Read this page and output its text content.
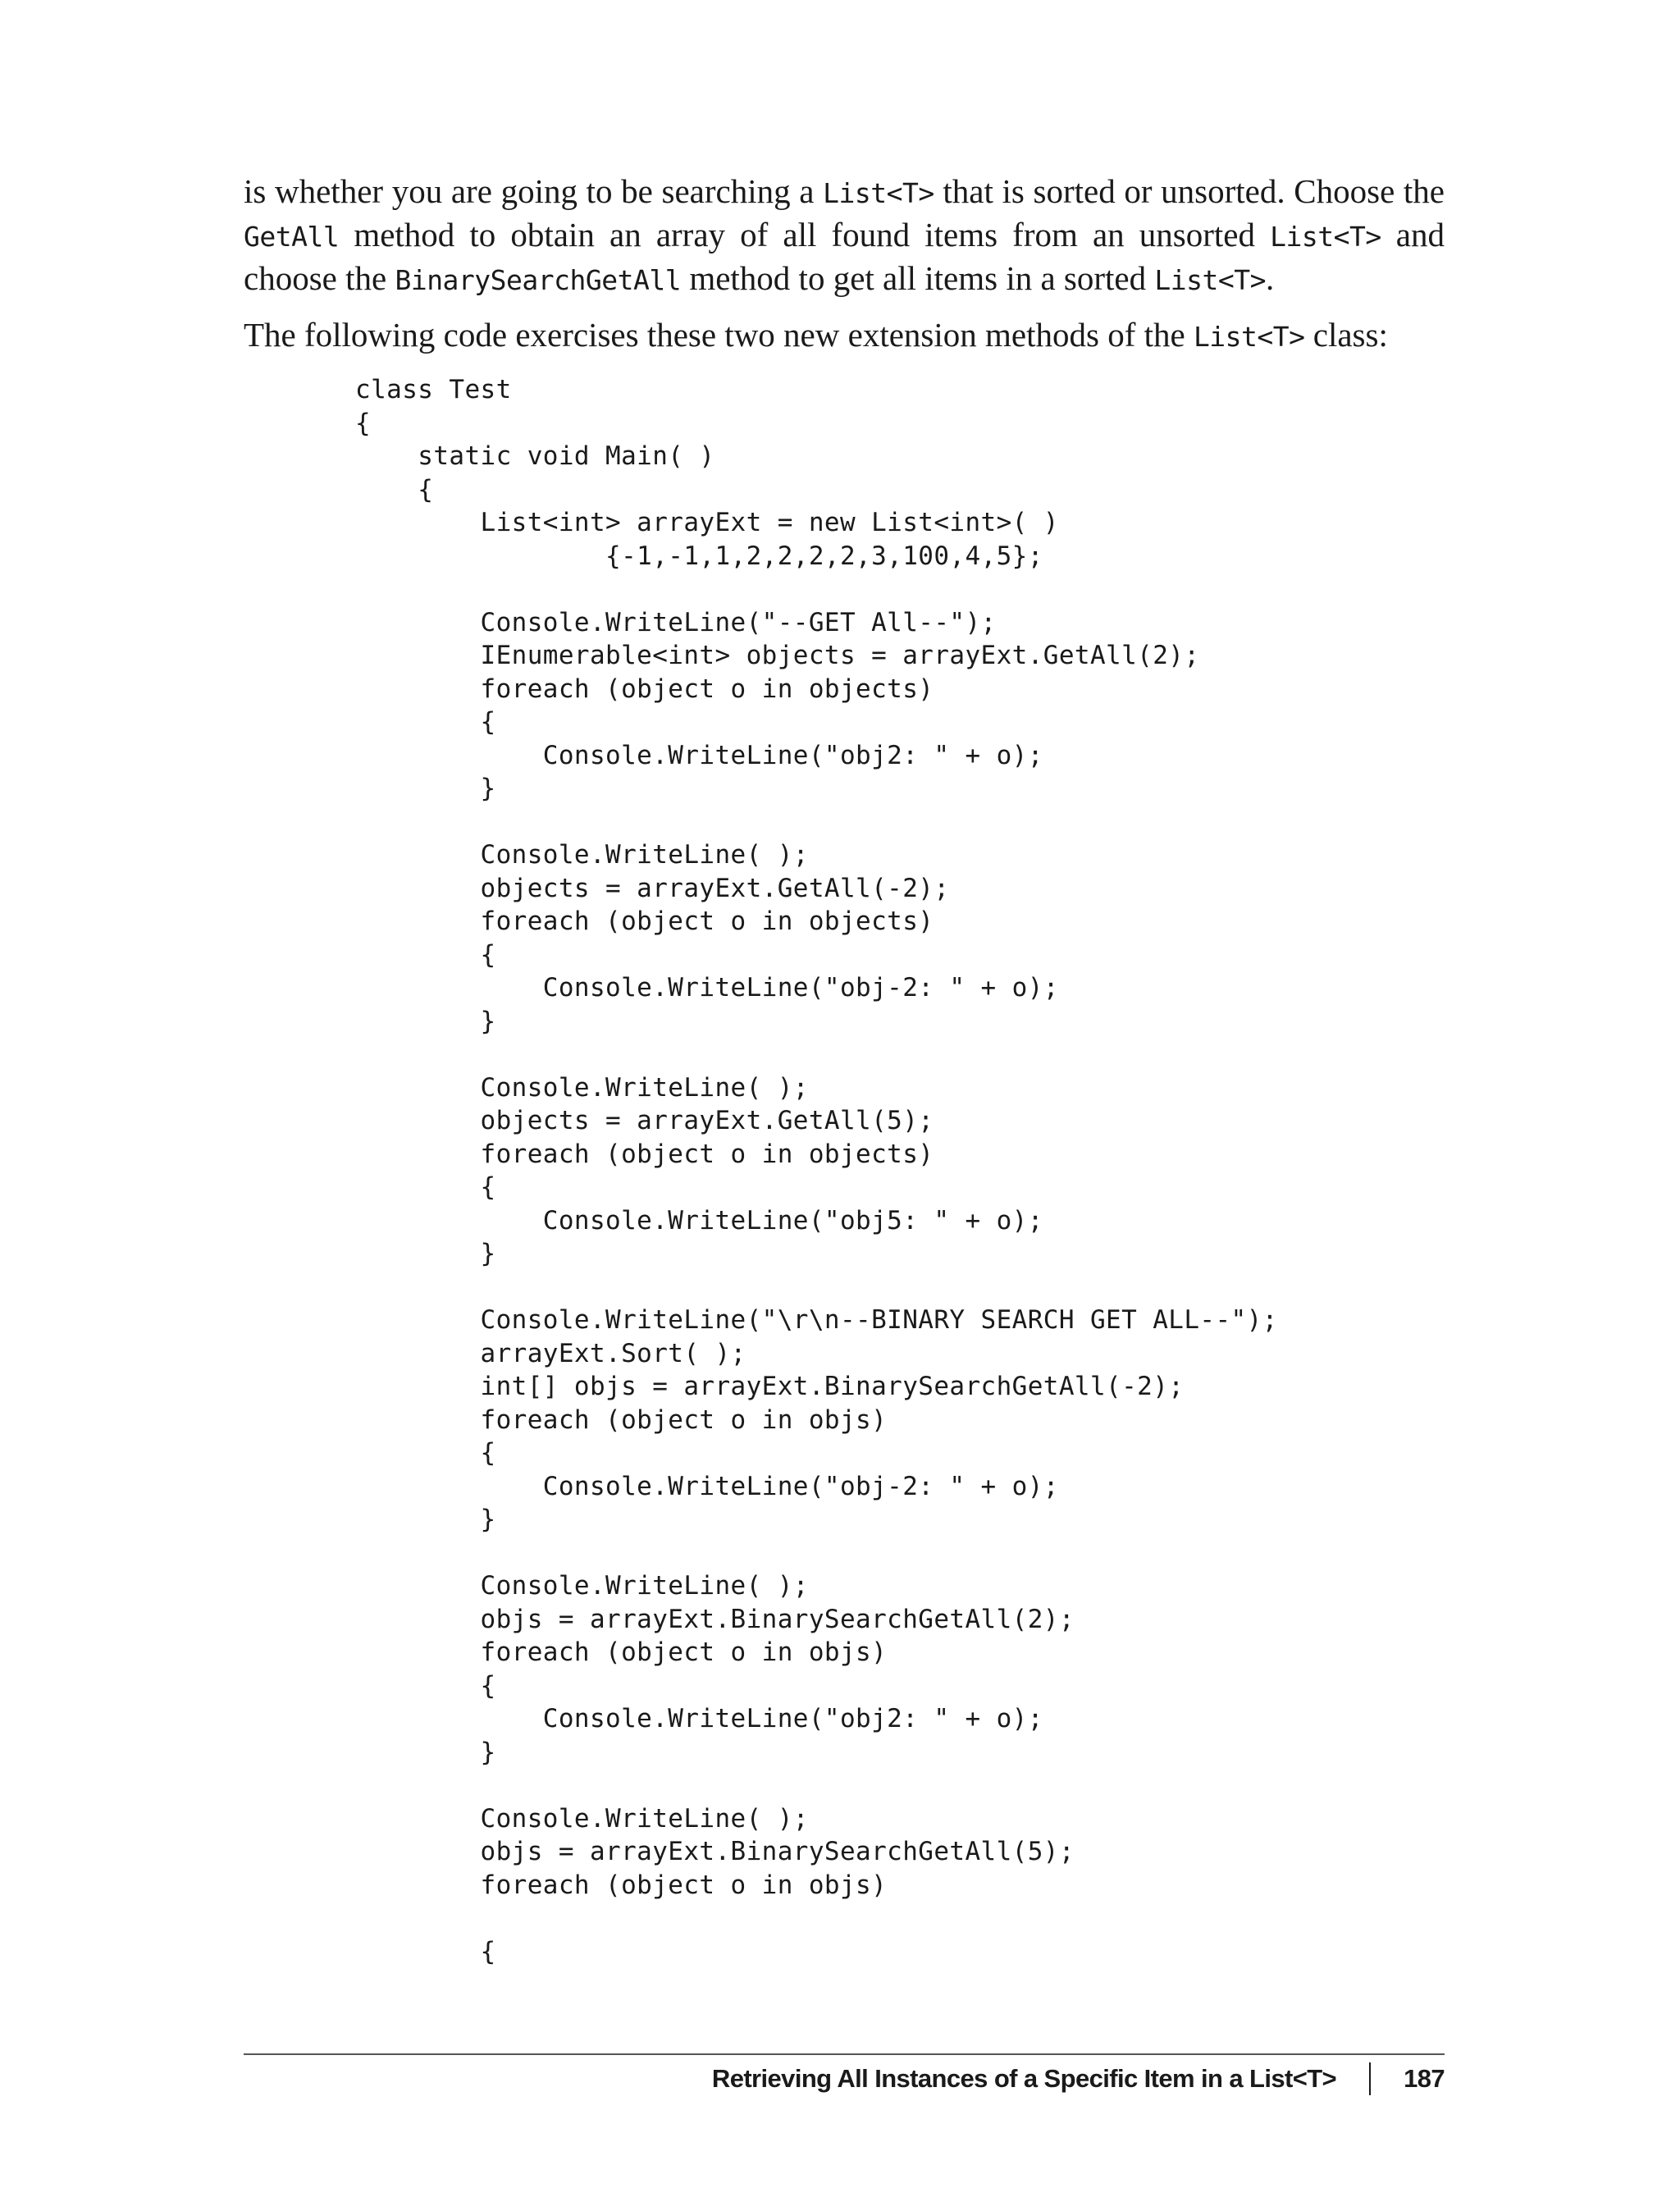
is whether you are going to be searching a List<T> that is sorted or unsorted. Choose the GetAll method to obtain an array of all found items from an unsorted List<T> and choose the BinarySearchGetAll method to get all items in a sorted List<T>.

The following code exercises these two new extension methods of the List<T> class:

class Test
{
static void Main( )
{
List<int> arrayExt = new List<int>( )
{-1,-1,1,2,2,2,2,3,100,4,5};

Console.WriteLine("--GET All--");
IEnumerable<int> objects = arrayExt.GetAll(2);
foreach (object o in objects)
{
Console.WriteLine("obj2: " + o);
}

Console.WriteLine( );
objects = arrayExt.GetAll(-2);
foreach (object o in objects)
{
Console.WriteLine("obj-2: " + o);
}

Console.WriteLine( );
objects = arrayExt.GetAll(5);
foreach (object o in objects)
{
Console.WriteLine("obj5: " + o);
}

Console.WriteLine("\r\n--BINARY SEARCH GET ALL--");
arrayExt.Sort( );
int[] objs = arrayExt.BinarySearchGetAll(-2);
foreach (object o in objs)
{
Console.WriteLine("obj-2: " + o);
}

Console.WriteLine( );
objs = arrayExt.BinarySearchGetAll(2);
foreach (object o in objs)
{
Console.WriteLine("obj2: " + o);
}

Console.WriteLine( );
objs = arrayExt.BinarySearchGetAll(5);
foreach (object o in objs)

{
Retrieving All Instances of a Specific Item in a List<T>	187
